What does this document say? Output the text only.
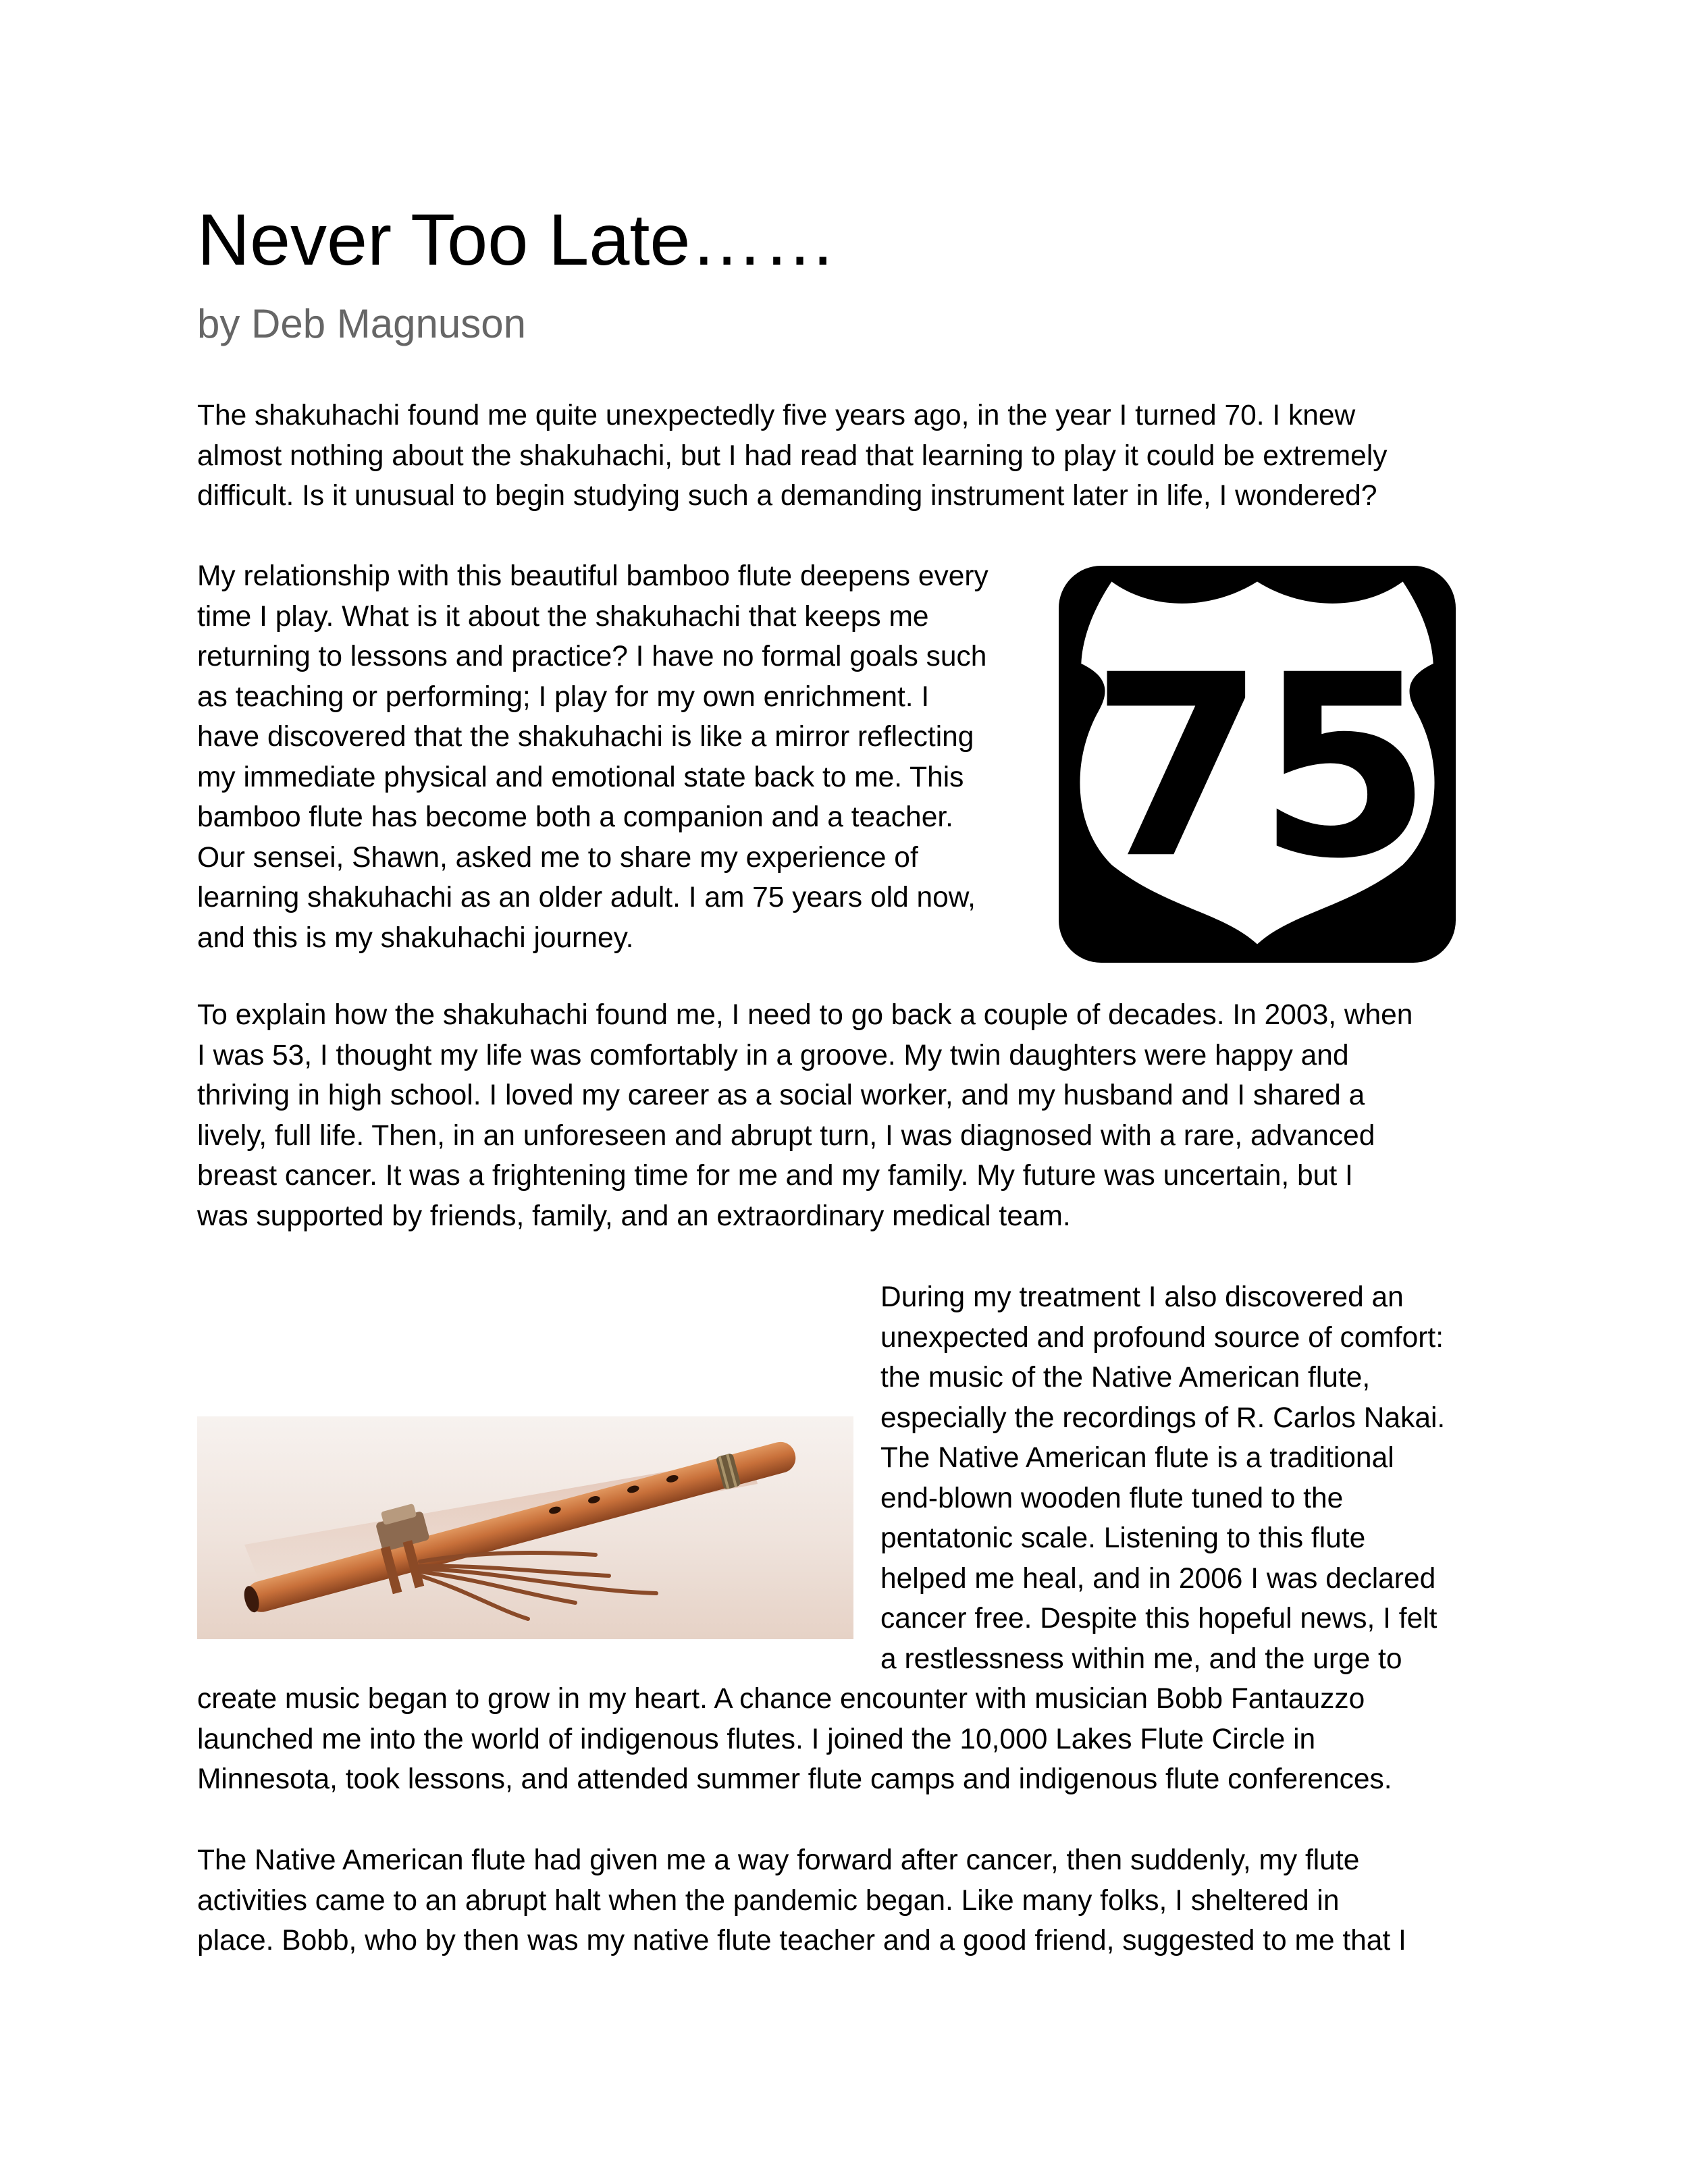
Never Too Late……
by Deb Magnuson
The shakuhachi found me quite unexpectedly five years ago, in the year I turned 70. I knew
almost nothing about the shakuhachi, but I had read that learning to play it could be extremely
difficult. Is it unusual to begin studying such a demanding instrument later in life, I wondered?
My relationship with this beautiful bamboo flute deepens every
time I play. What is it about the shakuhachi that keeps me
returning to lessons and practice? I have no formal goals such
as teaching or performing; I play for my own enrichment. I
have discovered that the shakuhachi is like a mirror reflecting
my immediate physical and emotional state back to me. This
bamboo flute has become both a companion and a teacher.
Our sensei, Shawn, asked me to share my experience of
learning shakuhachi as an older adult. I am 75 years old now,
and this is my shakuhachi journey.
75
To explain how the shakuhachi found me, I need to go back a couple of decades. In 2003, when
I was 53, I thought my life was comfortably in a groove. My twin daughters were happy and
thriving in high school. I loved my career as a social worker, and my husband and I shared a
lively, full life. Then, in an unforeseen and abrupt turn, I was diagnosed with a rare, advanced
breast cancer. It was a frightening time for me and my family. My future was uncertain, but I
was supported by friends, family, and an extraordinary medical team.
During my treatment I also discovered an
unexpected and profound source of comfort:
the music of the Native American flute,
especially the recordings of R. Carlos Nakai.
The Native American flute is a traditional
end-blown wooden flute tuned to the
pentatonic scale. Listening to this flute
helped me heal, and in 2006 I was declared
cancer free. Despite this hopeful news, I felt
a restlessness within me, and the urge to
create music began to grow in my heart. A chance encounter with musician Bobb Fantauzzo
launched me into the world of indigenous flutes. I joined the 10,000 Lakes Flute Circle in
Minnesota, took lessons, and attended summer flute camps and indigenous flute conferences.
The Native American flute had given me a way forward after cancer, then suddenly, my flute
activities came to an abrupt halt when the pandemic began. Like many folks, I sheltered in
place. Bobb, who by then was my native flute teacher and a good friend, suggested to me that I
